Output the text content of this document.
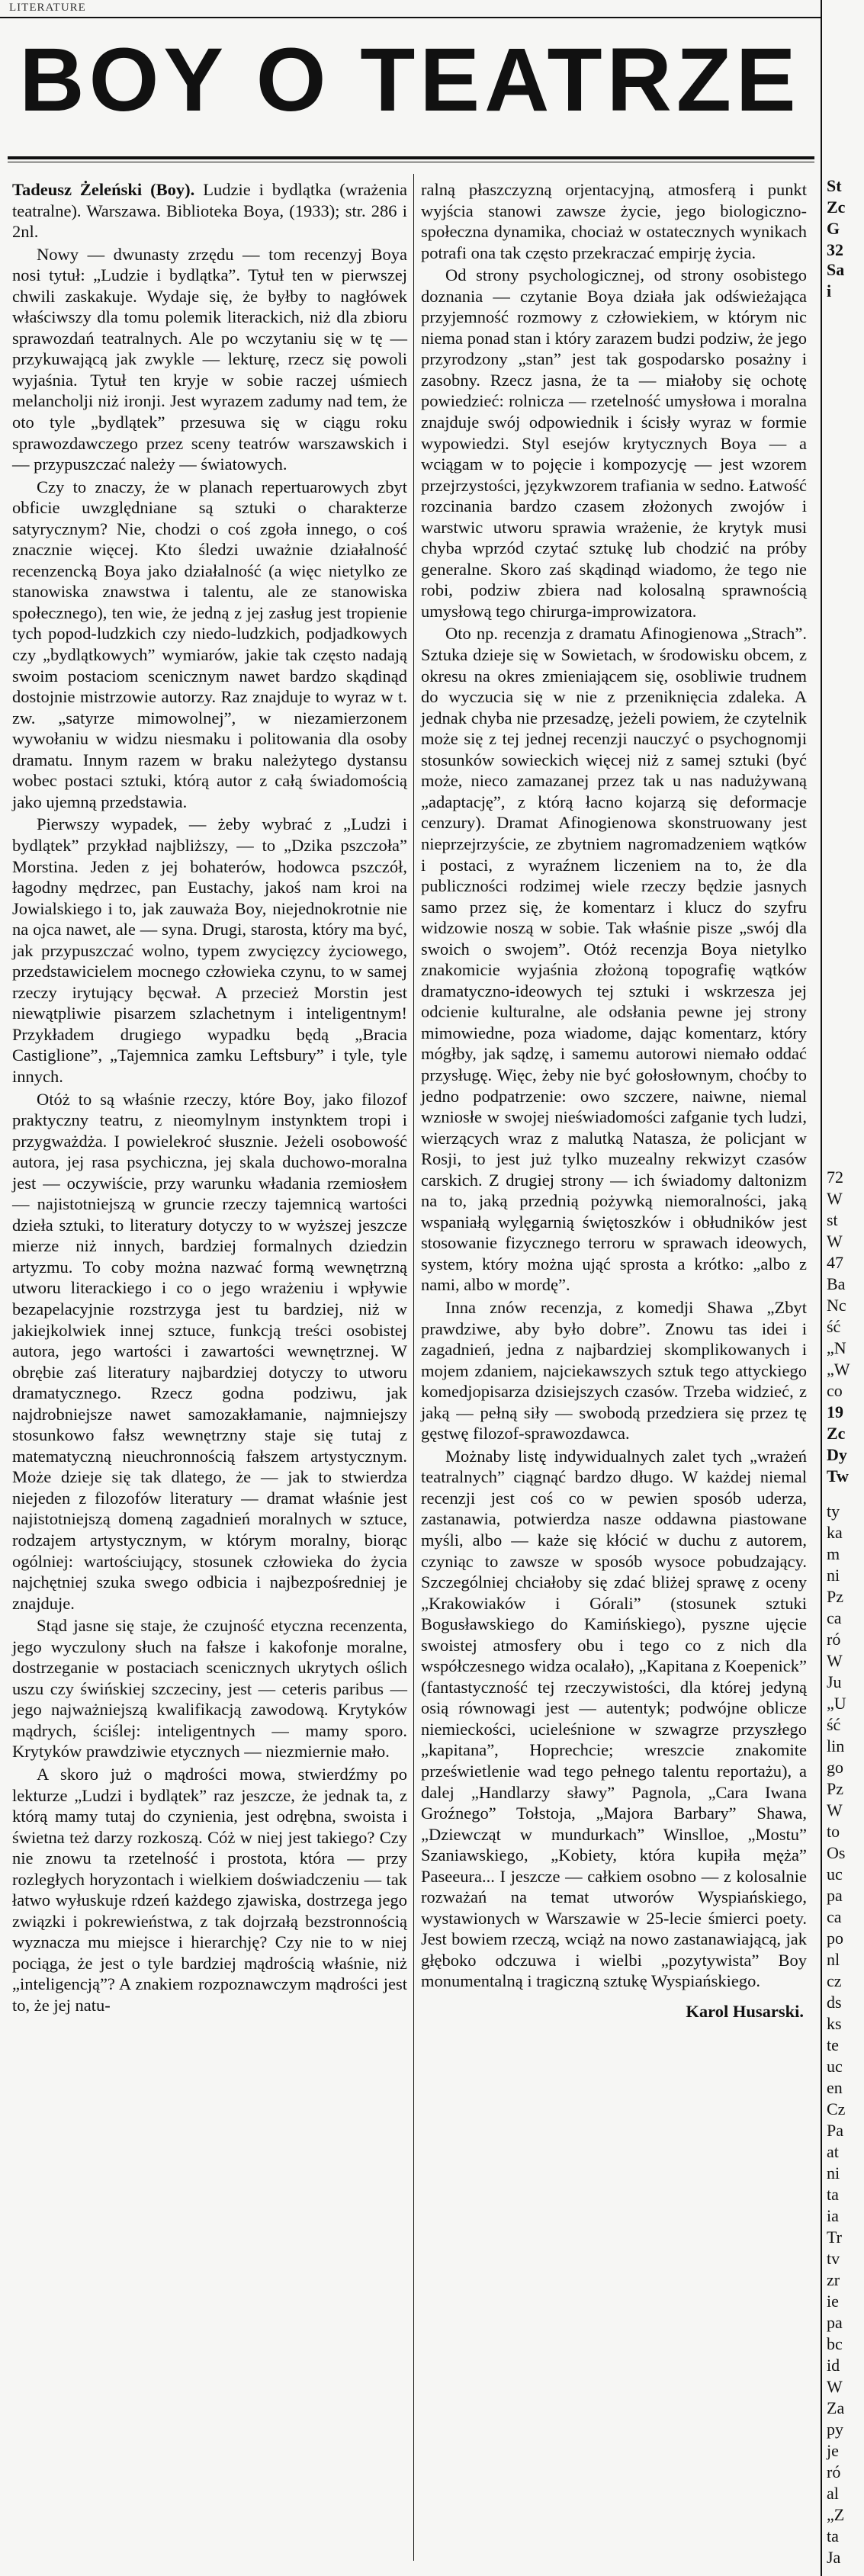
LITERATURE
BOY O TEATRZE

Tadeusz Żeleński (Boy). Ludzie i bydlątka (wrażenia teatralne). Warszawa. Biblioteka Boya, (1933); str. 286 i 2nl.

Nowy — dwunasty zrzędu — tom recenzyj Boya nosi tytuł: „Ludzie i bydlątka”. Tytuł ten w pierwszej chwili zaskakuje. Wydaje się, że byłby to nagłówek właściwszy dla tomu polemik literackich, niż dla zbioru sprawozdań teatralnych. Ale po wczytaniu się w tę — przykuwającą jak zwykle — lekturę, rzecz się powoli wyjaśnia. Tytuł ten kryje w sobie raczej uśmiech melancholji niż ironji. Jest wyrazem zadumy nad tem, że oto tyle „bydlątek” przesuwa się w ciągu roku sprawozdawczego przez sceny teatrów warszawskich i — przypuszczać należy — światowych.

Czy to znaczy, że w planach repertuarowych zbyt obficie uwzględniane są sztuki o charakterze satyrycznym? Nie, chodzi o coś zgoła innego, o coś znacznie więcej. Kto śledzi uważnie działalność recenzencką Boya jako działalność (a więc nietylko ze stanowiska znawstwa i talentu, ale ze stanowiska społecznego), ten wie, że jedną z jej zasług jest tropienie tych popod-ludzkich czy niedo-ludzkich, podjadkowych czy „bydlątkowych” wymiarów, jakie tak często nadają swoim postaciom scenicznym nawet bardzo skądinąd dostojnie mistrzowie autorzy. Raz znajduje to wyraz w t. zw. „satyrze mimowolnej”, w niezamierzonem wywołaniu w widzu niesmaku i politowania dla osoby dramatu. Innym razem w braku należytego dystansu wobec postaci sztuki, którą autor z całą świadomością jako ujemną przedstawia.

Pierwszy wypadek, — żeby wybrać z „Ludzi i bydlątek” przykład najbliższy, — to „Dzika pszczoła” Morstina. Jeden z jej bohaterów, hodowca pszczół, łagodny mędrzec, pan Eustachy, jakoś nam kroi na Jowialskiego i to, jak zauważa Boy, niejednokrotnie nie na ojca nawet, ale — syna. Drugi, starosta, który ma być, jak przypuszczać wolno, typem zwycięzcy życiowego, przedstawicielem mocnego człowieka czynu, to w samej rzeczy irytujący bęcwał. A przecież Morstin jest niewątpliwie pisarzem szlachetnym i inteligentnym! Przykładem drugiego wypadku będą „Bracia Castiglione”, „Tajemnica zamku Leftsbury” i tyle, tyle innych.

Otóż to są właśnie rzeczy, które Boy, jako filozof praktyczny teatru, z nieomylnym instynktem tropi i przygważdża. I powielekroć słusznie. Jeżeli osobowość autora, jej rasa psychiczna, jej skala duchowo-moralna jest — oczywiście, przy warunku władania rzemiosłem — najistotniejszą w gruncie rzeczy tajemnicą wartości dzieła sztuki, to literatury dotyczy to w wyższej jeszcze mierze niż innych, bardziej formalnych dziedzin artyzmu. To coby można nazwać formą wewnętrzną utworu literackiego i co o jego wrażeniu i wpływie bezapelacyjnie rozstrzyga jest tu bardziej, niż w jakiejkolwiek innej sztuce, funkcją treści osobistej autora, jego wartości i zawartości wewnętrznej. W obrębie zaś literatury najbardziej dotyczy to utworu dramatycznego. Rzecz godna podziwu, jak najdrobniejsze nawet samozakłamanie, najmniejszy stosunkowo fałsz wewnętrzny staje się tutaj z matematyczną nieuchronnością fałszem artystycznym. Może dzieje się tak dlatego, że — jak to stwierdza niejeden z filozofów literatury — dramat właśnie jest najistotniejszą domeną zagadnień moralnych w sztuce, rodzajem artystycznym, w którym moralny, biorąc ogólniej: wartościujący, stosunek człowieka do życia najchętniej szuka swego odbicia i najbezpośredniej je znajduje.

Stąd jasne się staje, że czujność etyczna recenzenta, jego wyczulony słuch na fałsze i kakofonje moralne, dostrzeganie w postaciach scenicznych ukrytych oślich uszu czy świńskiej szczeciny, jest — ceteris paribus — jego najważniejszą kwalifikacją zawodową. Krytyków mądrych, ściślej: inteligentnych — mamy sporo. Krytyków prawdziwie etycznych — niezmiernie mało.

A skoro już o mądrości mowa, stwierdźmy po lekturze „Ludzi i bydlątek” raz jeszcze, że jednak ta, z którą mamy tutaj do czynienia, jest odrębna, swoista i świetna też darzy rozkoszą. Cóż w niej jest takiego? Czy nie znowu ta rzetelność i prostota, która — przy rozległych horyzontach i wielkiem doświadczeniu — tak łatwo wyłuskuje rdzeń każdego zjawiska, dostrzega jego związki i pokrewieństwa, z tak dojrzałą bezstronnością wyznacza mu miejsce i hierarchję? Czy nie to w niej pociąga, że jest o tyle bardziej mądrością właśnie, niż „inteligencją”? A znakiem rozpoznawczym mądrości jest to, że jej natu-

ralną płaszczyzną orjentacyjną, atmosferą i punkt wyjścia stanowi zawsze życie, jego biologiczno-społeczna dynamika, chociaż w ostatecznych wynikach potrafi ona tak często przekraczać empirję życia.

Od strony psychologicznej, od strony osobistego doznania — czytanie Boya działa jak odświeżająca przyjemność rozmowy z człowiekiem, w którym nic niema ponad stan i który zarazem budzi podziw, że jego przyrodzony „stan” jest tak gospodarsko posażny i zasobny. Rzecz jasna, że ta — miałoby się ochotę powiedzieć: rolnicza — rzetelność umysłowa i moralna znajduje swój odpowiednik i ścisły wyraz w formie wypowiedzi. Styl esejów krytycznych Boya — a wciągam w to pojęcie i kompozycję — jest wzorem przejrzystości, językwzorem trafiania w sedno. Łatwość rozcinania bardzo czasem złożonych zwojów i warstwic utworu sprawia wrażenie, że krytyk musi chyba wprzód czytać sztukę lub chodzić na próby generalne. Skoro zaś skądinąd wiadomo, że tego nie robi, podziw zbiera nad kolosalną sprawnością umysłową tego chirurga-improwizatora.

Oto np. recenzja z dramatu Afinogienowa „Strach”. Sztuka dzieje się w Sowietach, w środowisku obcem, z okresu na okres zmieniającem się, osobliwie trudnem do wyczucia się w nie z przeniknięcia zdaleka. A jednak chyba nie przesadzę, jeżeli powiem, że czytelnik może się z tej jednej recenzji nauczyć o psychognomji stosunków sowieckich więcej niż z samej sztuki (być może, nieco zamazanej przez tak u nas nadużywaną „adaptację”, z którą łacno kojarzą się deformacje cenzury). Dramat Afinogienowa skonstruowany jest nieprzejrzyście, ze zbytniem nagromadzeniem wątków i postaci, z wyraźnem liczeniem na to, że dla publiczności rodzimej wiele rzeczy będzie jasnych samo przez się, że komentarz i klucz do szyfru widzowie noszą w sobie. Tak właśnie pisze „swój dla swoich o swojem”. Otóż recenzja Boya nietylko znakomicie wyjaśnia złożoną topografię wątków dramatyczno-ideowych tej sztuki i wskrzesza jej odcienie kulturalne, ale odsłania pewne jej strony mimowiedne, poza wiadome, dając komentarz, który mógłby, jak sądzę, i samemu autorowi niemało oddać przysługę. Więc, żeby nie być gołosłownym, choćby to jedno podpatrzenie: owo szczere, naiwne, niemal wzniosłe w swojej nieświadomości zafganie tych ludzi, wierzących wraz z malutką Natasza, że policjant w Rosji, to jest już tylko muzealny rekwizyt czasów carskich. Z drugiej strony — ich świadomy daltonizm na to, jaką przednią pożywką niemoralności, jaką wspaniałą wylęgarnią świętoszków i obłudników jest stosowanie fizycznego terroru w sprawach ideowych, system, który można ująć sprosta a krótko: „albo z nami, albo w mordę”.

Inna znów recenzja, z komedji Shawa „Zbyt prawdziwe, aby było dobre”. Znowu tas idei i zagadnień, jedna z najbardziej skomplikowanych i mojem zdaniem, najciekawszych sztuk tego attyckiego komedjopisarza dzisiejszych czasów. Trzeba widzieć, z jaką — pełną siły — swobodą przedziera się przez tę gęstwę filozof-sprawozdawca.

Możnaby listę indywidualnych zalet tych „wrażeń teatralnych” ciągnąć bardzo długo. W każdej niemal recenzji jest coś co w pewien sposób uderza, zastanawia, potwierdza nasze oddawna piastowane myśli, albo — każe się kłócić w duchu z autorem, czyniąc to zawsze w sposób wysoce pobudzający. Szczególniej chciałoby się zdać bliżej sprawę z oceny „Krakowiaków i Górali” (stosunek sztuki Bogusławskiego do Kamińskiego), pyszne ujęcie swoistej atmosfery obu i tego co z nich dla współczesnego widza ocalało), „Kapitana z Koepenick” (fantastyczność tej rzeczywistości, dla której jedyną osią równowagi jest — autentyk; podwójne oblicze niemieckości, ucieleśnione w szwagrze przyszłego „kapitana”, Hoprechcie; wreszcie znakomite prześwietlenie wad tego pełnego talentu reportażu), a dalej „Handlarzy sławy” Pagnola, „Cara Iwana Groźnego” Tołstoja, „Majora Barbary” Shawa, „Dziewcząt w mundurkach” Winslloe, „Mostu” Szaniawskiego, „Kobiety, która kupiła męża” Paseeura... I jeszcze — całkiem osobno — z kolosalnie rozważań na temat utworów Wyspiańskiego, wystawionych w Warszawie w 25-lecie śmierci poety. Jest bowiem rzeczą, wciąż na nowo zastanawiającą, jak głęboko odczuwa i wielbi „pozytywista” Boy monumentalną i tragiczną sztukę Wyspiańskiego.

Karol Husarski.
St
Zc
G
32
Sa
i
72
W
st
W
47
Ba
Nc
ść
„N
„W
co
19
Zc
Dy
Tw
ty
ka
m
ni
Pz
ca
ró
W
Ju
„U
ść
lin
go
Pz
W
to
Os
uc
pa
ca
po
nl
cz
ds
ks
te
uc
en
Cz
Pa
at
ni
ta
ia
Tr
tv
zr
ie
pa
bc
id
W
Za
py
je
ró
al
„Z
ta
Ja
